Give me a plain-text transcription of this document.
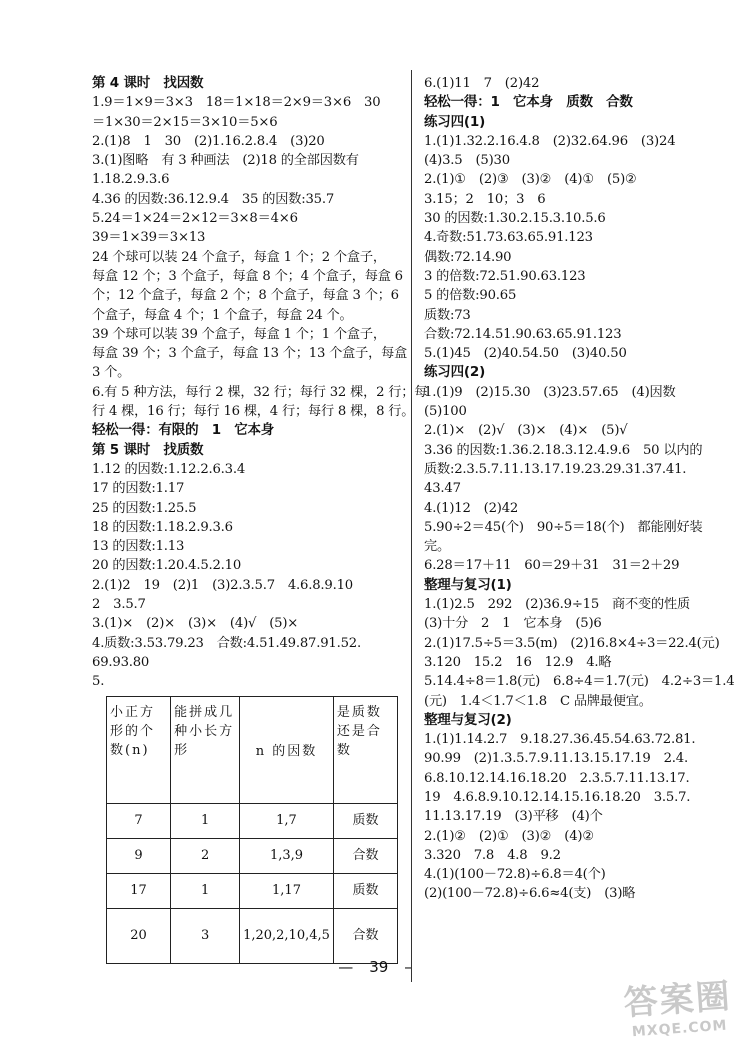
第 4 课时　找因数
1.9＝1×9＝3×3　18＝1×18＝2×9＝3×6　30
＝1×30＝2×15＝3×10＝5×6
2.(1)8　1　30　(2)1.16.2.8.4　(3)20
3.(1)图略　有 3 种画法　(2)18 的全部因数有
1.18.2.9.3.6
4.36 的因数:36.12.9.4　35 的因数:35.7
5.24＝1×24＝2×12＝3×8＝4×6
39＝1×39＝3×13
24 个球可以装 24 个盒子，每盒 1 个；2 个盒子，
每盒 12 个；3 个盒子，每盒 8 个；4 个盒子，每盒 6
个；12 个盒子，每盒 2 个；8 个盒子，每盒 3 个；6
个盒子，每盒 4 个；1 个盒子，每盒 24 个。
39 个球可以装 39 个盒子，每盒 1 个；1 个盒子，
每盒 39 个；3 个盒子，每盒 13 个；13 个盒子，每盒
3 个。
6.有 5 种方法，每行 2 棵，32 行；每行 32 棵，2 行；每
行 4 棵，16 行；每行 16 棵，4 行；每行 8 棵，8 行。
轻松一得：有限的　1　它本身
第 5 课时　找质数
1.12 的因数:1.12.2.6.3.4
17 的因数:1.17
25 的因数:1.25.5
18 的因数:1.18.2.9.3.6
13 的因数:1.13
20 的因数:1.20.4.5.2.10
2.(1)2　19　(2)1　(3)2.3.5.7　4.6.8.9.10
2　3.5.7
3.(1)×　(2)×　(3)×　(4)√　(5)×
4.质数:3.53.79.23　合数:4.51.49.87.91.52.
69.93.80
5.
小正方形的个数(n)	能拼成几种小长方形	n 的因数	是质数还是合数

7	1	1,7	质数
9	2	1,3,9	合数
17	1	1,17	质数
20	3	1,20,2,10,4,5	合数
6.(1)11　7　(2)42
轻松一得：1　它本身　质数　合数
练习四(1)
1.(1)1.32.2.16.4.8　(2)32.64.96　(3)24
(4)3.5　(5)30
2.(1)①　(2)③　(3)②　(4)①　(5)②
3.15；2　10；3　6
30 的因数:1.30.2.15.3.10.5.6
4.奇数:51.73.63.65.91.123
偶数:72.14.90
3 的倍数:72.51.90.63.123
5 的倍数:90.65
质数:73
合数:72.14.51.90.63.65.91.123
5.(1)45　(2)40.54.50　(3)40.50
练习四(2)
1.(1)9　(2)15.30　(3)23.57.65　(4)因数
(5)100
2.(1)×　(2)√　(3)×　(4)×　(5)√
3.36 的因数:1.36.2.18.3.12.4.9.6　50 以内的
质数:2.3.5.7.11.13.17.19.23.29.31.37.41.
43.47
4.(1)12　(2)42
5.90÷2＝45(个)　90÷5＝18(个)　都能刚好装
完。
6.28＝17＋11　60＝29＋31　31＝2＋29
整理与复习(1)
1.(1)2.5　292　(2)36.9÷15　商不变的性质
(3)十分　2　1　它本身　(5)6
2.(1)17.5÷5＝3.5(m)　(2)16.8×4÷3＝22.4(元)
3.120　15.2　16　12.9　4.略
5.14.4÷8＝1.8(元)　6.8÷4＝1.7(元)　4.2÷3＝1.4
(元)　1.4＜1.7＜1.8　C 品牌最便宜。
整理与复习(2)
1.(1)1.14.2.7　9.18.27.36.45.54.63.72.81.
90.99　(2)1.3.5.7.9.11.13.15.17.19　2.4.
6.8.10.12.14.16.18.20　2.3.5.7.11.13.17.
19　4.6.8.9.10.12.14.15.16.18.20　3.5.7.
11.13.17.19　(3)平移　(4)个
2.(1)②　(2)①　(3)②　(4)②
3.320　7.8　4.8　9.2
4.(1)(100－72.8)÷6.8＝4(个)
(2)(100－72.8)÷6.6≈4(支)　(3)略
— 39 –
答案圈
MXQE.COM
